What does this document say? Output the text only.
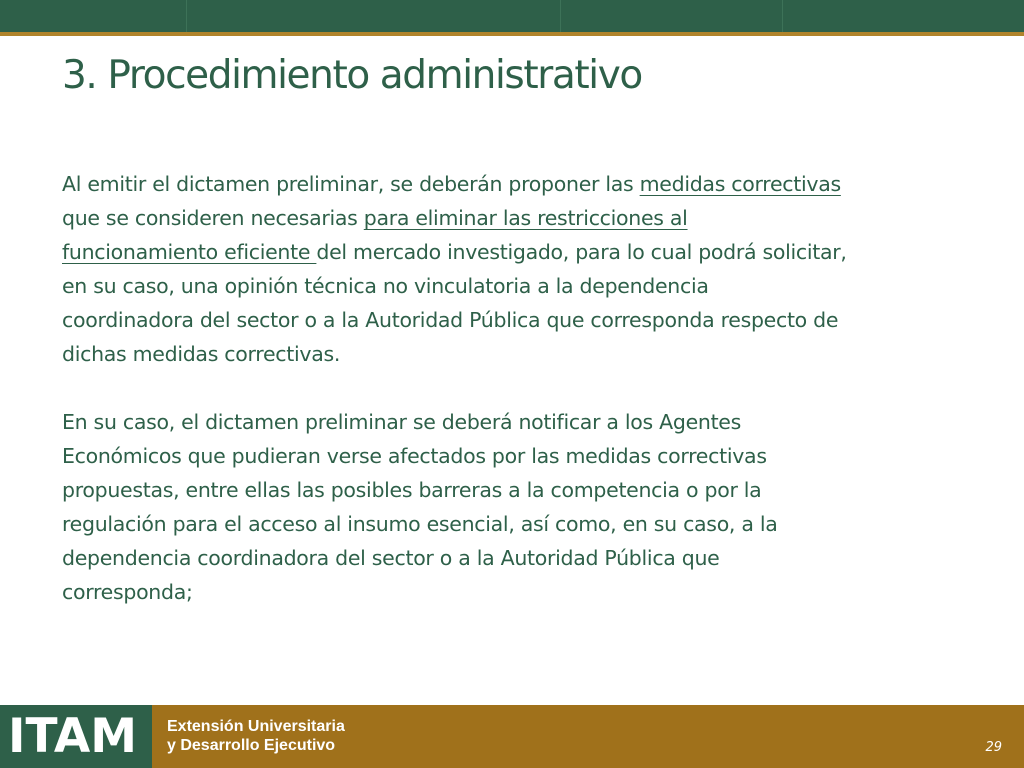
3. Procedimiento administrativo
Al emitir el dictamen preliminar, se deberán proponer las medidas correctivas
que se consideren necesarias para eliminar las restricciones al
funcionamiento eficiente del mercado investigado, para lo cual podrá solicitar,
en su caso, una opinión técnica no vinculatoria a la dependencia
coordinadora del sector o a la Autoridad Pública que corresponda respecto de
dichas medidas correctivas.
En su caso, el dictamen preliminar se deberá notificar a los Agentes
Económicos que pudieran verse afectados por las medidas correctivas
propuestas, entre ellas las posibles barreras a la competencia o por la
regulación para el acceso al insumo esencial, así como, en su caso, a la
dependencia coordinadora del sector o a la Autoridad Pública que
corresponda;
ITAM Extensión Universitaria
y Desarrollo Ejecutivo	29
